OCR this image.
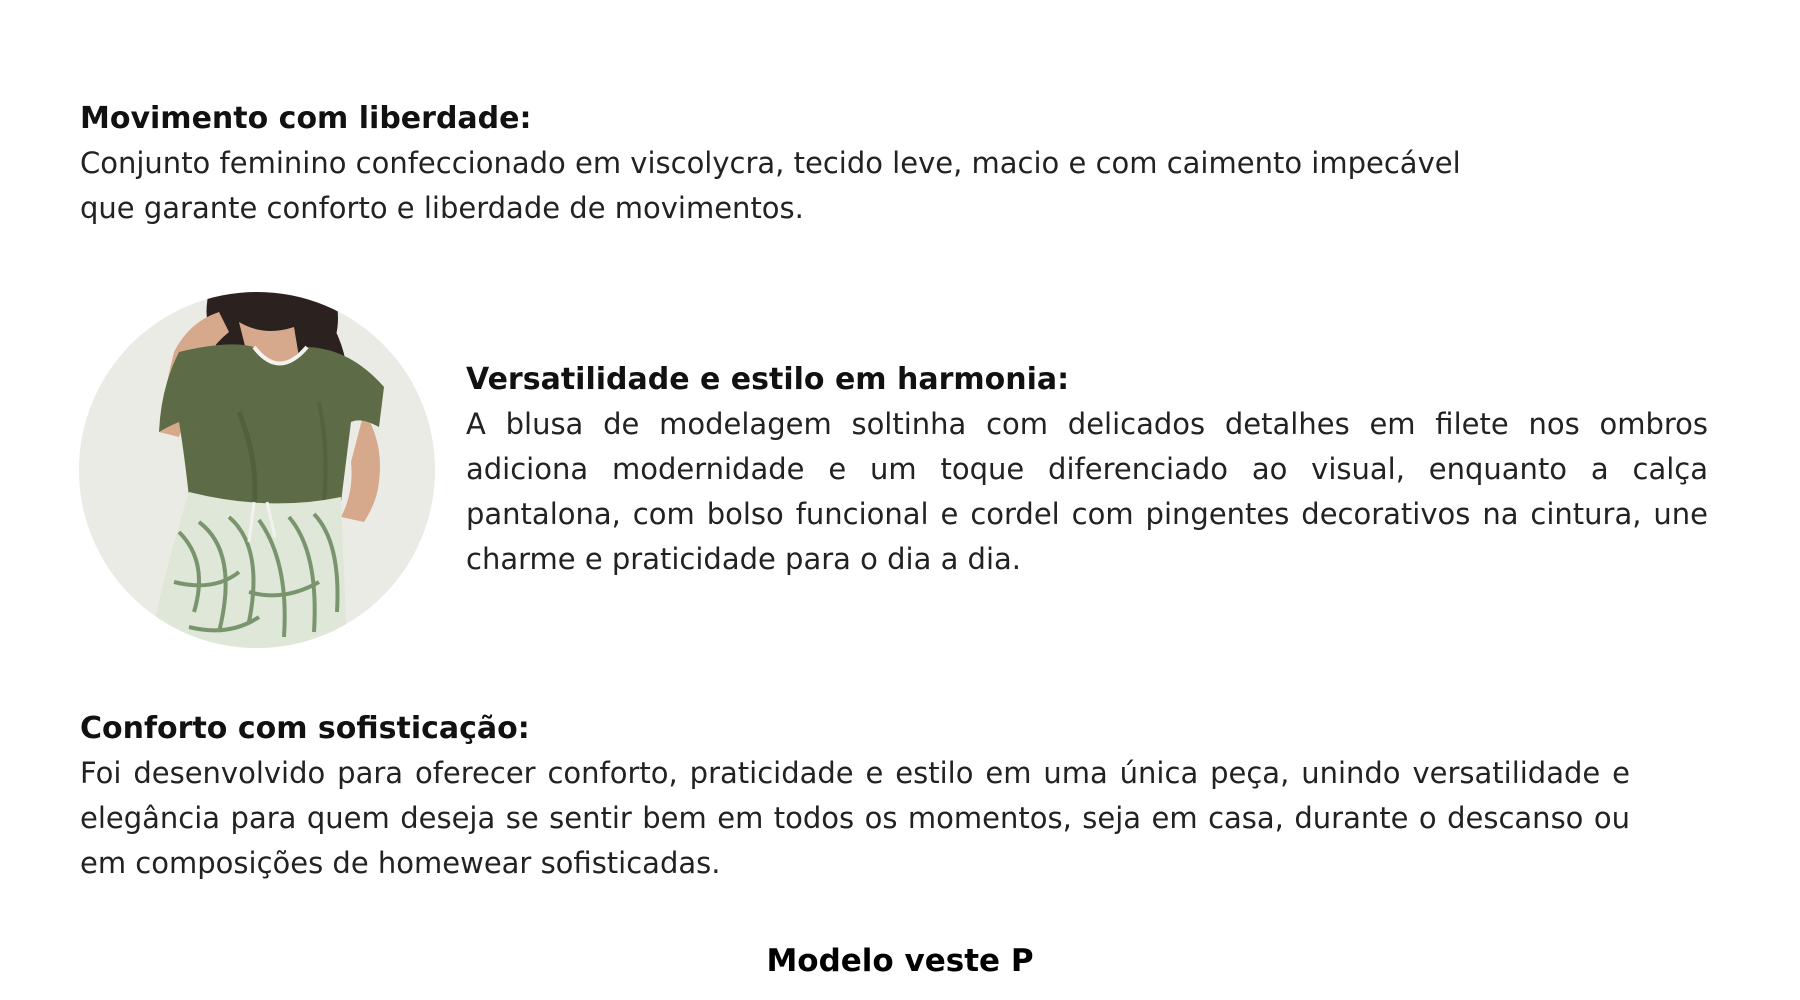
Movimento com liberdade:

Conjunto feminino confeccionado em viscolycra, tecido leve, macio e com caimento impecável que garante conforto e liberdade de movimentos.

Versatilidade e estilo em harmonia:

A blusa de modelagem soltinha com delicados detalhes em filete nos ombros adiciona modernidade e um toque diferenciado ao visual, enquanto a calça pantalona, com bolso funcional e cordel com pingentes decorativos na cintura, une charme e praticidade para o dia a dia.

Conforto com sofisticação:

Foi desenvolvido para oferecer conforto, praticidade e estilo em uma única peça, unindo versatilidade e elegância para quem deseja se sentir bem em todos os momentos, seja em casa, durante o descanso ou em composições de homewear sofisticadas.

Modelo veste P
